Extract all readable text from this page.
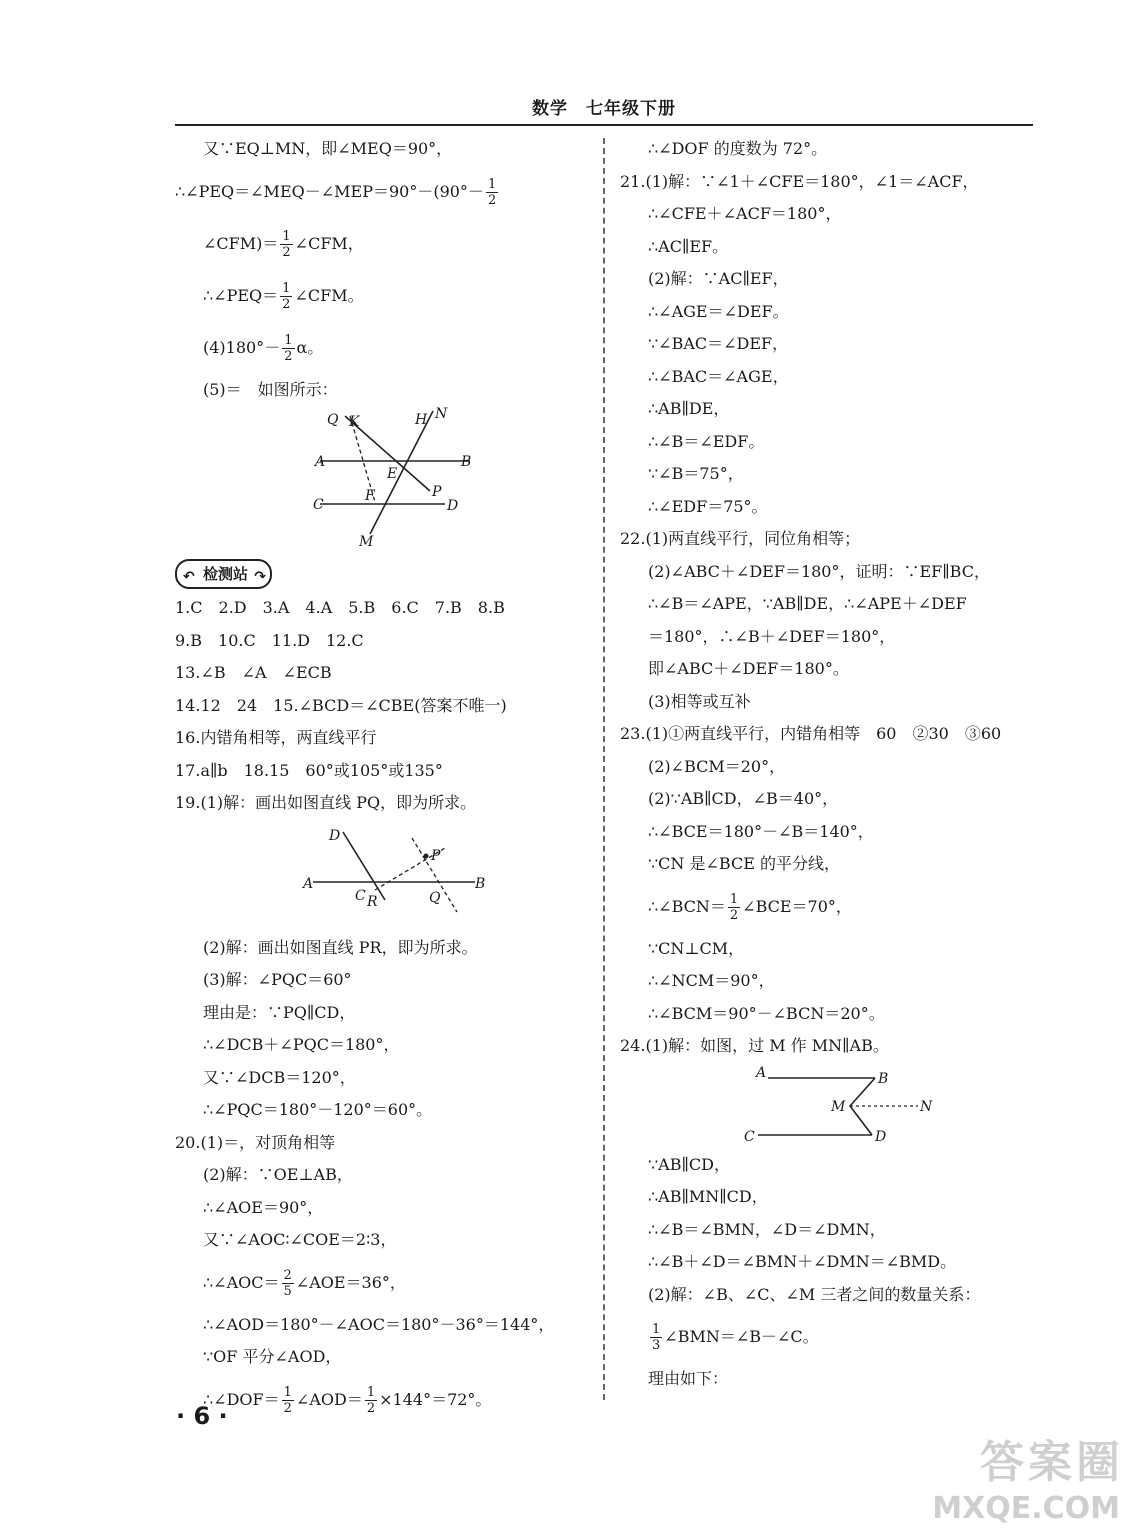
数学　七年级下册
又∵EQ⊥MN，即∠MEQ＝90°，
∴∠PEQ＝∠MEQ－∠MEP＝90°－(90°－ $\frac{1}{2}$
∠CFM)＝ $\frac{1}{2}$ ∠CFM，
∴∠PEQ＝ $\frac{1}{2}$ ∠CFM。
$(4)180^\circ- \frac{1}{2}$ α。
(5)＝　如图所示：
Q K	H N
A	B
E
F	P
C	D
M
↶ 检测站 ↷
1.C　2.D　3.A　4.A　5.B　6.C　7.B　8.B
9.B　10.C　11.D　12.C
13.∠B　∠A　∠ECB
14.12　24　15.∠BCD＝∠CBE(答案不唯一)
16.内错角相等，两直线平行
17.a∥b　18.15　60°或105°或135°
19.(1)解：画出如图直线 PQ，即为所求。
D
P
A
C R	Q
B
(2)解：画出如图直线 PR，即为所求。
(3)解：∠PQC＝60°
理由是：∵PQ∥CD，
∴∠DCB＋∠PQC＝180°，
又∵∠DCB＝120°，
∴∠PQC＝180°－120°＝60°。
20.(1)＝，对顶角相等
(2)解：∵OE⊥AB，
∴∠AOE＝90°，
又∵∠AOC∶∠COE＝2∶3，
∴∠AOC＝ $\frac{2}{5}$ ∠AOE＝36°，
∴∠AOD＝180°－∠AOC＝180°－36°＝144°，
∵OF 平分∠AOD，
∴∠DOF＝ $\frac{1}{2}$ ∠AOD＝ $\frac{1}{2} \times 144^\circ=72^\circ$。
∴∠DOF 的度数为 72°。
21.(1)解：∵∠1＋∠CFE＝180°，∠1＝∠ACF，
∴∠CFE＋∠ACF＝180°，
∴AC∥EF。
(2)解：∵AC∥EF，
∴∠AGE＝∠DEF。
∵∠BAC＝∠DEF，
∴∠BAC＝∠AGE，
∴AB∥DE，
∴∠B＝∠EDF。
∵∠B＝75°，
∴∠EDF＝75°。
22.(1)两直线平行，同位角相等；
(2)∠ABC＋∠DEF＝180°，证明：∵EF∥BC，
∴∠B＝∠APE，∵AB∥DE，∴∠APE＋∠DEF
＝180°，∴∠B＋∠DEF＝180°，
即∠ABC＋∠DEF＝180°。
(3)相等或互补
23.(1)①两直线平行，内错角相等　60　②30　③60
(2)∠BCM＝20°，
(2)∵AB∥CD，∠B＝40°，
∴∠BCE＝180°－∠B＝140°，
∵CN 是∠BCE 的平分线，
∴∠BCN＝ $\frac{1}{2}$ ∠BCE＝70°，
∵CN⊥CM，
∴∠NCM＝90°，
∴∠BCM＝90°－∠BCN＝20°。
24.(1)解：如图，过 M 作 MN∥AB。
A	B
M	N
C	D
∵AB∥CD，
∴AB∥MN∥CD，
∴∠B＝∠BMN，∠D＝∠DMN，
∴∠B＋∠D＝∠BMN＋∠DMN＝∠BMD。
(2)解：∠B、∠C、∠M 三者之间的数量关系：
$\frac{1}{3}$ ∠BMN＝∠B－∠C。
理由如下：
· 6 ·
答案圈
MXQE.COM
